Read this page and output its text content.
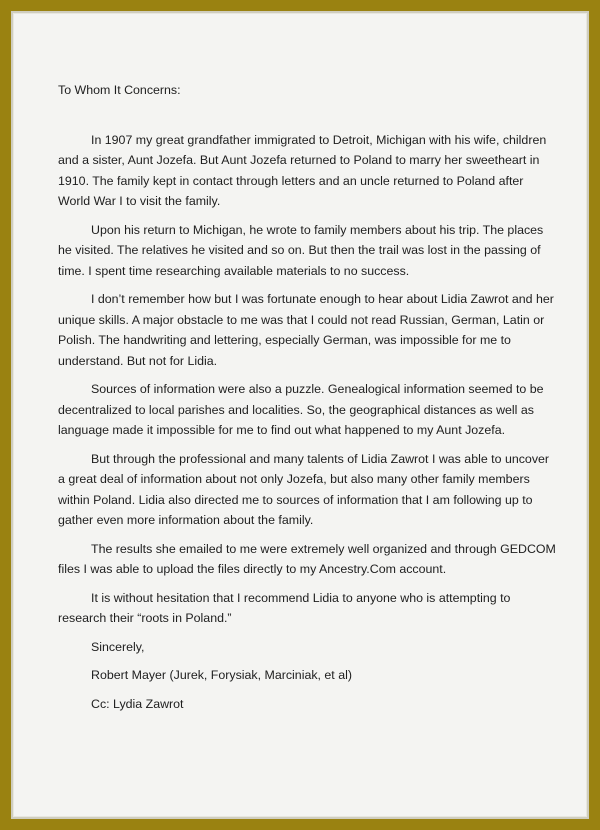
To Whom It Concerns:

In 1907 my great grandfather immigrated to Detroit, Michigan with his wife, children and a sister, Aunt Jozefa. But Aunt Jozefa returned to Poland to marry her sweetheart in 1910. The family kept in contact through letters and an uncle returned to Poland after World War I to visit the family.

Upon his return to Michigan, he wrote to family members about his trip. The places he visited. The relatives he visited and so on. But then the trail was lost in the passing of time. I spent time researching available materials to no success.

I don’t remember how but I was fortunate enough to hear about Lidia Zawrot and her unique skills. A major obstacle to me was that I could not read Russian, German, Latin or Polish. The handwriting and lettering, especially German, was impossible for me to understand. But not for Lidia.

Sources of information were also a puzzle. Genealogical information seemed to be decentralized to local parishes and localities. So, the geographical distances as well as language made it impossible for me to find out what happened to my Aunt Jozefa.

But through the professional and many talents of Lidia Zawrot I was able to uncover a great deal of information about not only Jozefa, but also many other family members within Poland. Lidia also directed me to sources of information that I am following up to gather even more information about the family.

The results she emailed to me were extremely well organized and through GEDCOM files I was able to upload the files directly to my Ancestry.Com account.

It is without hesitation that I recommend Lidia to anyone who is attempting to research their “roots in Poland.”

Sincerely,

Robert Mayer (Jurek, Forysiak, Marciniak, et al)

Cc: Lydia Zawrot
